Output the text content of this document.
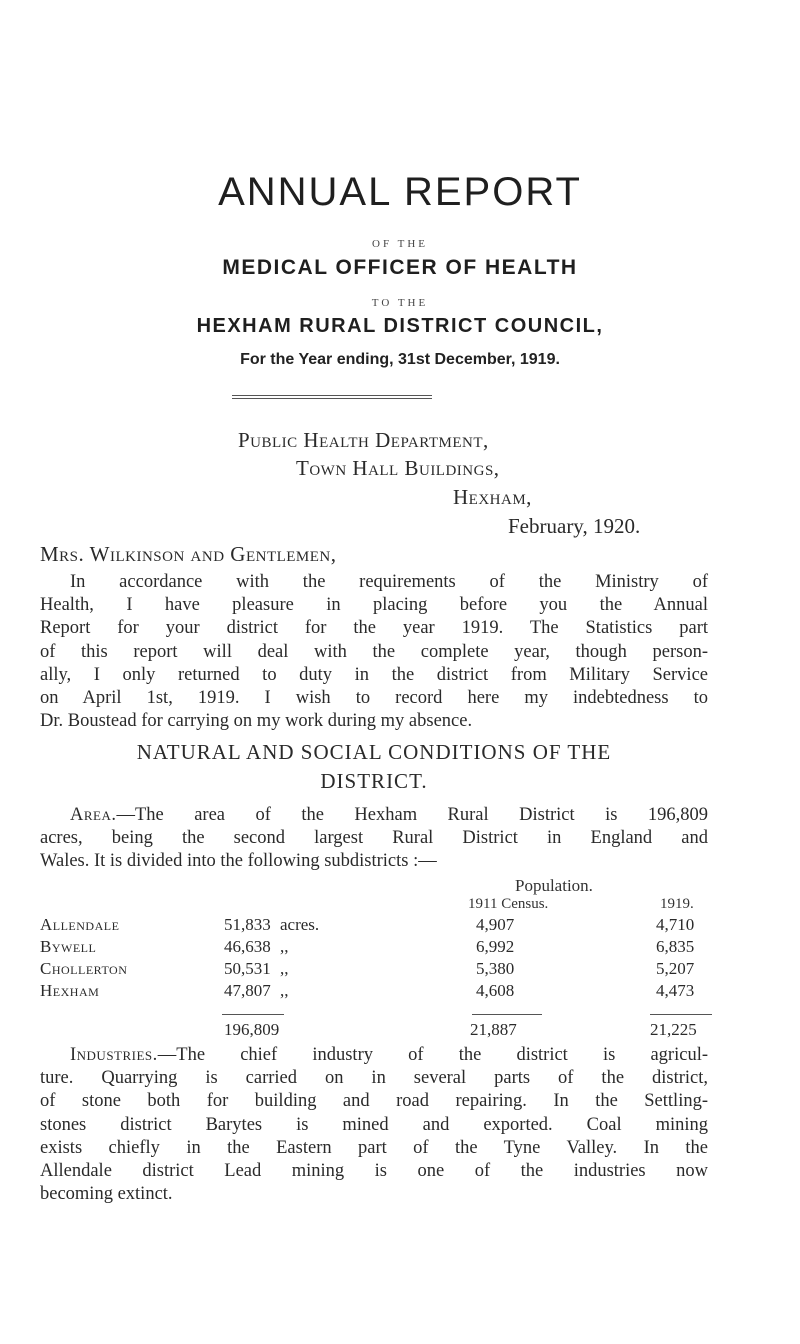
ANNUAL REPORT
OF THE
MEDICAL OFFICER OF HEALTH
TO THE
HEXHAM RURAL DISTRICT COUNCIL,
For the Year ending, 31st December, 1919.
Public Health Department,
Town Hall Buildings,
Hexham,
February, 1920.
Mrs. Wilkinson and Gentlemen,
In accordance with the requirements of the Ministry of
Health, I have pleasure in placing before you the Annual
Report for your district for the year 1919. The Statistics part
of this report will deal with the complete year, though person-
ally, I only returned to duty in the district from Military Service
on April 1st, 1919. I wish to record here my indebtedness to
Dr. Boustead for carrying on my work during my absence.
NATURAL AND SOCIAL CONDITIONS OF THE
DISTRICT.
Area.—The area of the Hexham Rural District is 196,809
acres, being the second largest Rural District in England and
Wales. It is divided into the following subdistricts :—
Population.
1911 Census.	1919.
Allendale	51,833 acres.	4,907	4,710
Bywell	46,638 ,,	6,992	6,835
Chollerton	50,531 ,,	5,380	5,207
Hexham	47,807 ,,	4,608	4,473
196,809	21,887	21,225
Industries.—The chief industry of the district is agricul-
ture. Quarrying is carried on in several parts of the district,
of stone both for building and road repairing. In the Settling-
stones district Barytes is mined and exported. Coal mining
exists chiefly in the Eastern part of the Tyne Valley. In the
Allendale district Lead mining is one of the industries now
becoming extinct.
